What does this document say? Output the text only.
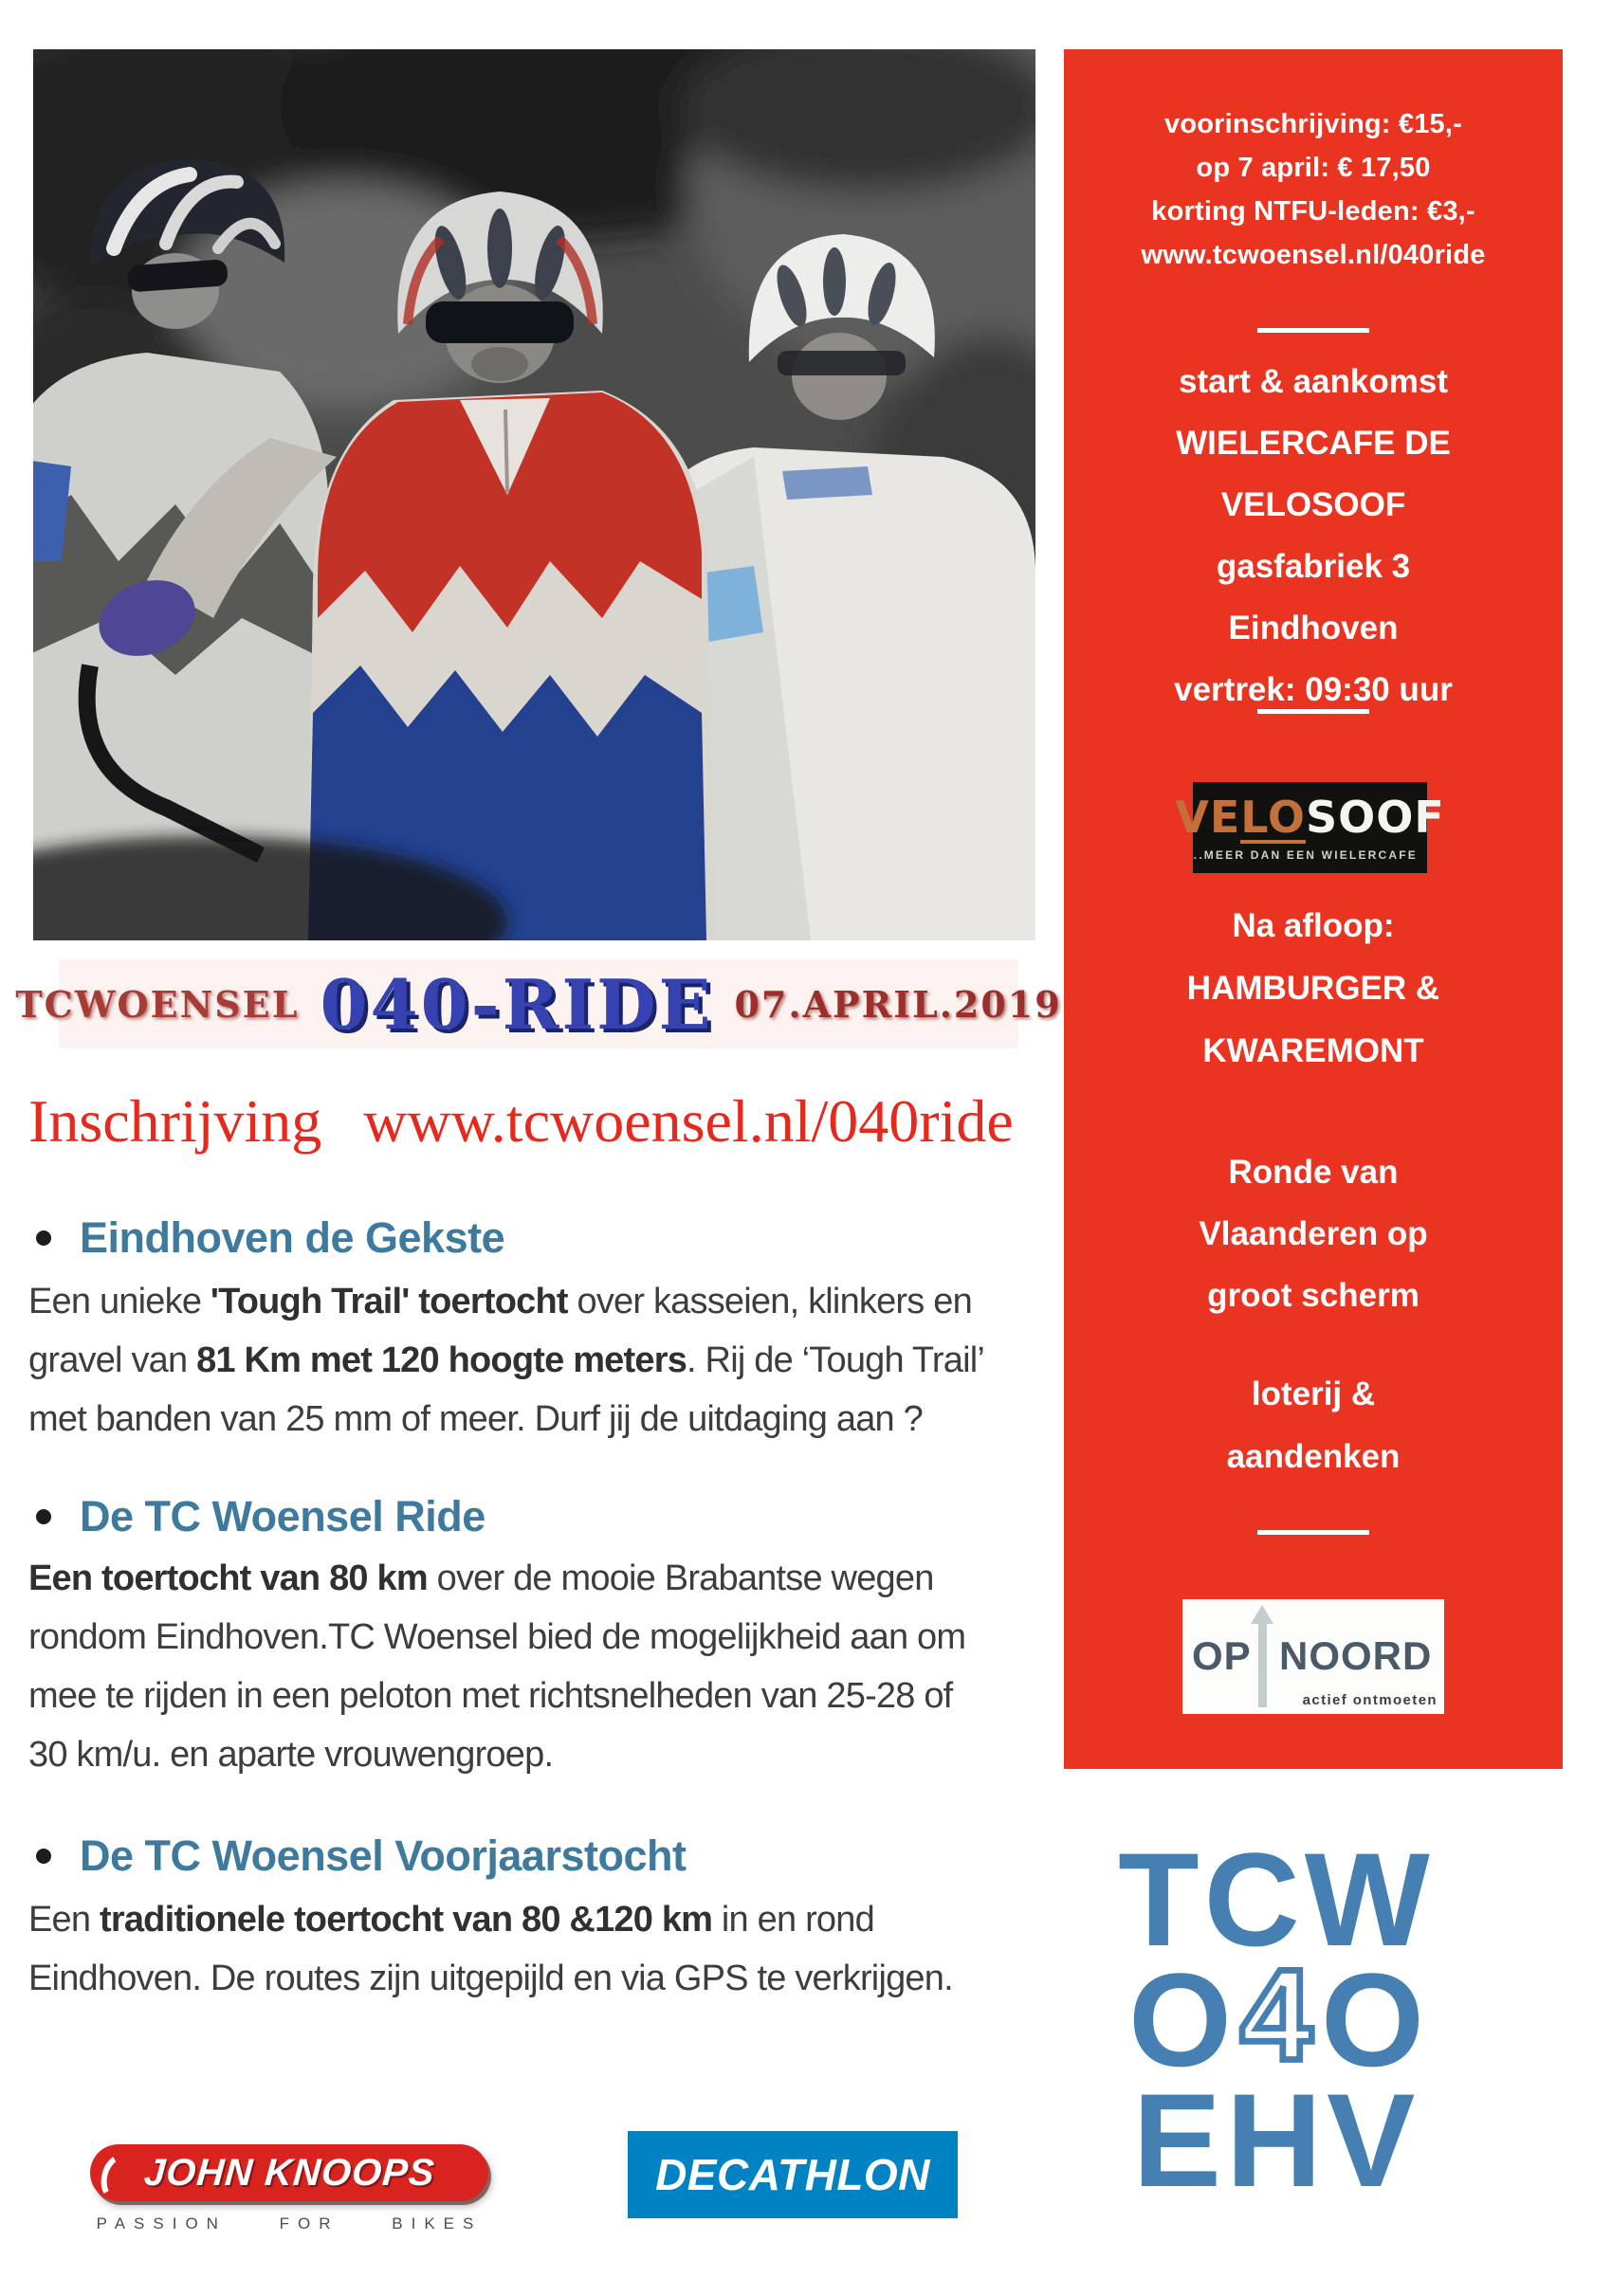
TCWOENSEL 040-RIDE 07.APRIL.2019
Inschrijving www.tcwoensel.nl/040ride
Eindhoven de Gekste
Een unieke 'Tough Trail' toertocht over kasseien, klinkers en gravel van 81 Km met 120 hoogte meters. Rij de ‘Tough Trail’ met banden van 25 mm of meer. Durf jij de uitdaging aan ?
De TC Woensel Ride
Een toertocht van 80 km over de mooie Brabantse wegen rondom Eindhoven.TC Woensel bied de mogelijkheid aan om mee te rijden in een peloton met richtsnelheden van 25-28 of 30 km/u. en aparte vrouwengroep.
De TC Woensel Voorjaarstocht
Een traditionele toertocht van 80 &120 km in en rond Eindhoven. De routes zijn uitgepijld en via GPS te verkrijgen.
voorinschrijving: €15,-
op 7 april: € 17,50
korting NTFU-leden: €3,-
www.tcwoensel.nl/040ride
start & aankomst
WIELERCAFE DE
VELOSOOF
gasfabriek 3
Eindhoven
vertrek: 09:30 uur
VE LO SOOF
..MEER DAN EEN WIELERCAFE
Na afloop:
HAMBURGER &
KWAREMONT
Ronde van
Vlaanderen op
groot scherm
loterij &
aandenken
OP NOORD
actief ontmoeten
JOHN KNOOPS
PASSION FOR BIKES
DECATHLON
TCW
O 4 O
EHV
